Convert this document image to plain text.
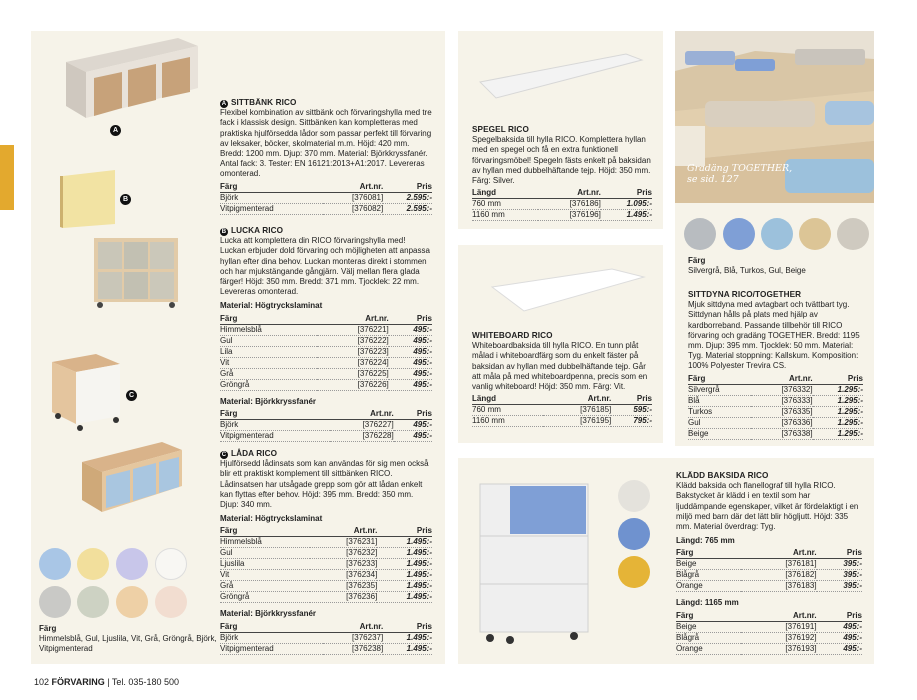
A
B
C
Färg
Himmelsblå, Gul, Ljuslila, Vit, Grå, Gröngrå, Björk, Vitpigmenterad
A SITTBÄNK RICO

Flexibel kombination av sittbänk och förvaringshylla med tre fack i klassisk design. Sittbänken kan kompletteras med praktiska hjulförsedda lådor som passar perfekt till förvaring av leksaker, böcker, skolmaterial m.m. Höjd: 420 mm. Bredd: 1200 mm. Djup: 370 mm. Material: Björkkryssfanér. Antal fack: 3. Tester: EN 16121:2013+A1:2017. Levereras omonterad.

Färg	Art.nr.	Pris
Björk	[376081]	2.595:-
Vitpigmenterad	[376082]	2.595:-
B LUCKA RICO

Lucka att komplettera din RICO förvaringshylla med! Luckan erbjuder dold förvaring och möjligheten att anpassa hyllan efter dina behov. Luckan monteras direkt i stommen och har mjukstängande gångjärn. Välj mellan flera glada färger! Höjd: 350 mm. Bredd: 371 mm. Tjocklek: 22 mm. Levereras omonterad.

Material: Högtryckslaminat
Färg	Art.nr.	Pris
Himmelsblå	[376221]	495:-
Gul	[376222]	495:-
Lila	[376223]	495:-
Vit	[376224]	495:-
Grå	[376225]	495:-
Gröngrå	[376226]	495:-
Material: Björkkryssfanér
Färg	Art.nr.	Pris
Björk	[376227]	495:-
Vitpigmenterad	[376228]	495:-
C LÅDA RICO

Hjulförsedd lådinsats som kan användas för sig men också blir ett praktiskt komplement till sittbänken RICO. Lådinsatsen har utsågade grepp som gör att lådan enkelt kan flyttas efter behov. Höjd: 395 mm. Bredd: 350 mm. Djup: 340 mm.

Material: Högtryckslaminat
Färg	Art.nr.	Pris
Himmelsblå	[376231]	1.495:-
Gul	[376232]	1.495:-
Ljuslila	[376233]	1.495:-
Vit	[376234]	1.495:-
Grå	[376235]	1.495:-
Gröngrå	[376236]	1.495:-
Material: Björkkryssfanér
Färg	Art.nr.	Pris
Björk	[376237]	1.495:-
Vitpigmenterad	[376238]	1.495:-
SPEGEL RICO

Spegelbaksida till hylla RICO. Komplettera hyllan med en spegel och få en extra funktionell förvaringsmöbel! Spegeln fästs enkelt på baksidan av hyllan med dubbelhäftande tejp. Höjd: 350 mm. Färg: Silver.

Längd	Art.nr.	Pris
760 mm	[376186]	1.095:-
1160 mm	[376196]	1.495:-
WHITEBOARD RICO

Whiteboardbaksida till hylla RICO. En tunn plåt målad i whiteboardfärg som du enkelt fäster på baksidan av hyllan med dubbelhäftande tejp. Går att måla på med whiteboardpenna, precis som en vanlig whiteboard! Höjd: 350 mm. Färg: Vit.

Längd	Art.nr.	Pris
760 mm	[376185]	595:-
1160 mm	[376195]	795:-
Gradäng TOGETHER,
se sid. 127
Färg
Silvergrå, Blå, Turkos, Gul, Beige
SITTDYNA RICO/TOGETHER

Mjuk sittdyna med avtagbart och tvättbart tyg. Sittdynan hålls på plats med hjälp av kardborreband. Passande tillbehör till RICO förvaring och gradäng TOGETHER. Bredd: 1195 mm. Djup: 395 mm. Tjocklek: 50 mm. Material: Tyg. Material stoppning: Kallskum. Komposition: 100% Polyester Trevira CS.

Färg	Art.nr.	Pris
Silvergrå	[376332]	1.295:-
Blå	[376333]	1.295:-
Turkos	[376335]	1.295:-
Gul	[376336]	1.295:-
Beige	[376338]	1.295:-
KLÄDD BAKSIDA RICO

Klädd baksida och flanellograf till hylla RICO. Bakstycket är klädd i en textil som har ljuddämpande egenskaper, vilket är fördelaktigt i en miljö med barn där det lätt blir högljutt. Höjd: 335 mm. Material överdrag: Tyg.

Längd: 765 mm
Färg	Art.nr.	Pris
Beige	[376181]	395:-
Blågrå	[376182]	395:-
Orange	[376183]	395:-
Längd: 1165 mm
Färg	Art.nr.	Pris
Beige	[376191]	495:-
Blågrå	[376192]	495:-
Orange	[376193]	495:-
102 FÖRVARING | Tel. 035-180 500
